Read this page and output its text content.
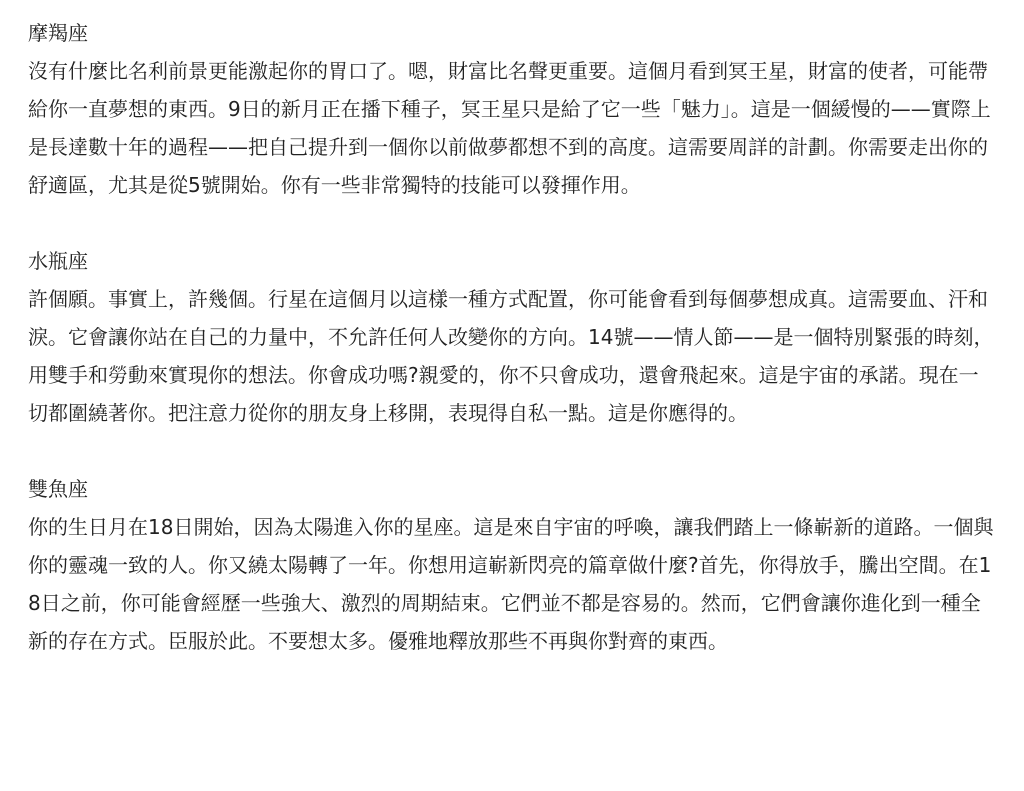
摩羯座

沒有什麼比名利前景更能激起你的胃口了。嗯，財富比名聲更重要。這個月看到冥王星，財富的使者，可能帶給你一直夢想的東西。9日的新月正在播下種子，冥王星只是給了它一些「魅力」。這是一個緩慢的——實際上是長達數十年的過程——把自己提升到一個你以前做夢都想不到的高度。這需要周詳的計劃。你需要走出你的舒適區，尤其是從5號開始。你有一些非常獨特的技能可以發揮作用。

水瓶座

許個願。事實上，許幾個。行星在這個月以這樣一種方式配置，你可能會看到每個夢想成真。這需要血、汗和淚。它會讓你站在自己的力量中，不允許任何人改變你的方向。14號——情人節——是一個特別緊張的時刻，用雙手和勞動來實現你的想法。你會成功嗎?親愛的，你不只會成功，還會飛起來。這是宇宙的承諾。現在一切都圍繞著你。把注意力從你的朋友身上移開，表現得自私一點。這是你應得的。

雙魚座

你的生日月在18日開始，因為太陽進入你的星座。這是來自宇宙的呼喚，讓我們踏上一條嶄新的道路。一個與你的靈魂一致的人。你又繞太陽轉了一年。你想用這嶄新閃亮的篇章做什麼?首先，你得放手，騰出空間。在18日之前，你可能會經歷一些強大、激烈的周期結束。它們並不都是容易的。然而，它們會讓你進化到一種全新的存在方式。臣服於此。不要想太多。優雅地釋放那些不再與你對齊的東西。
